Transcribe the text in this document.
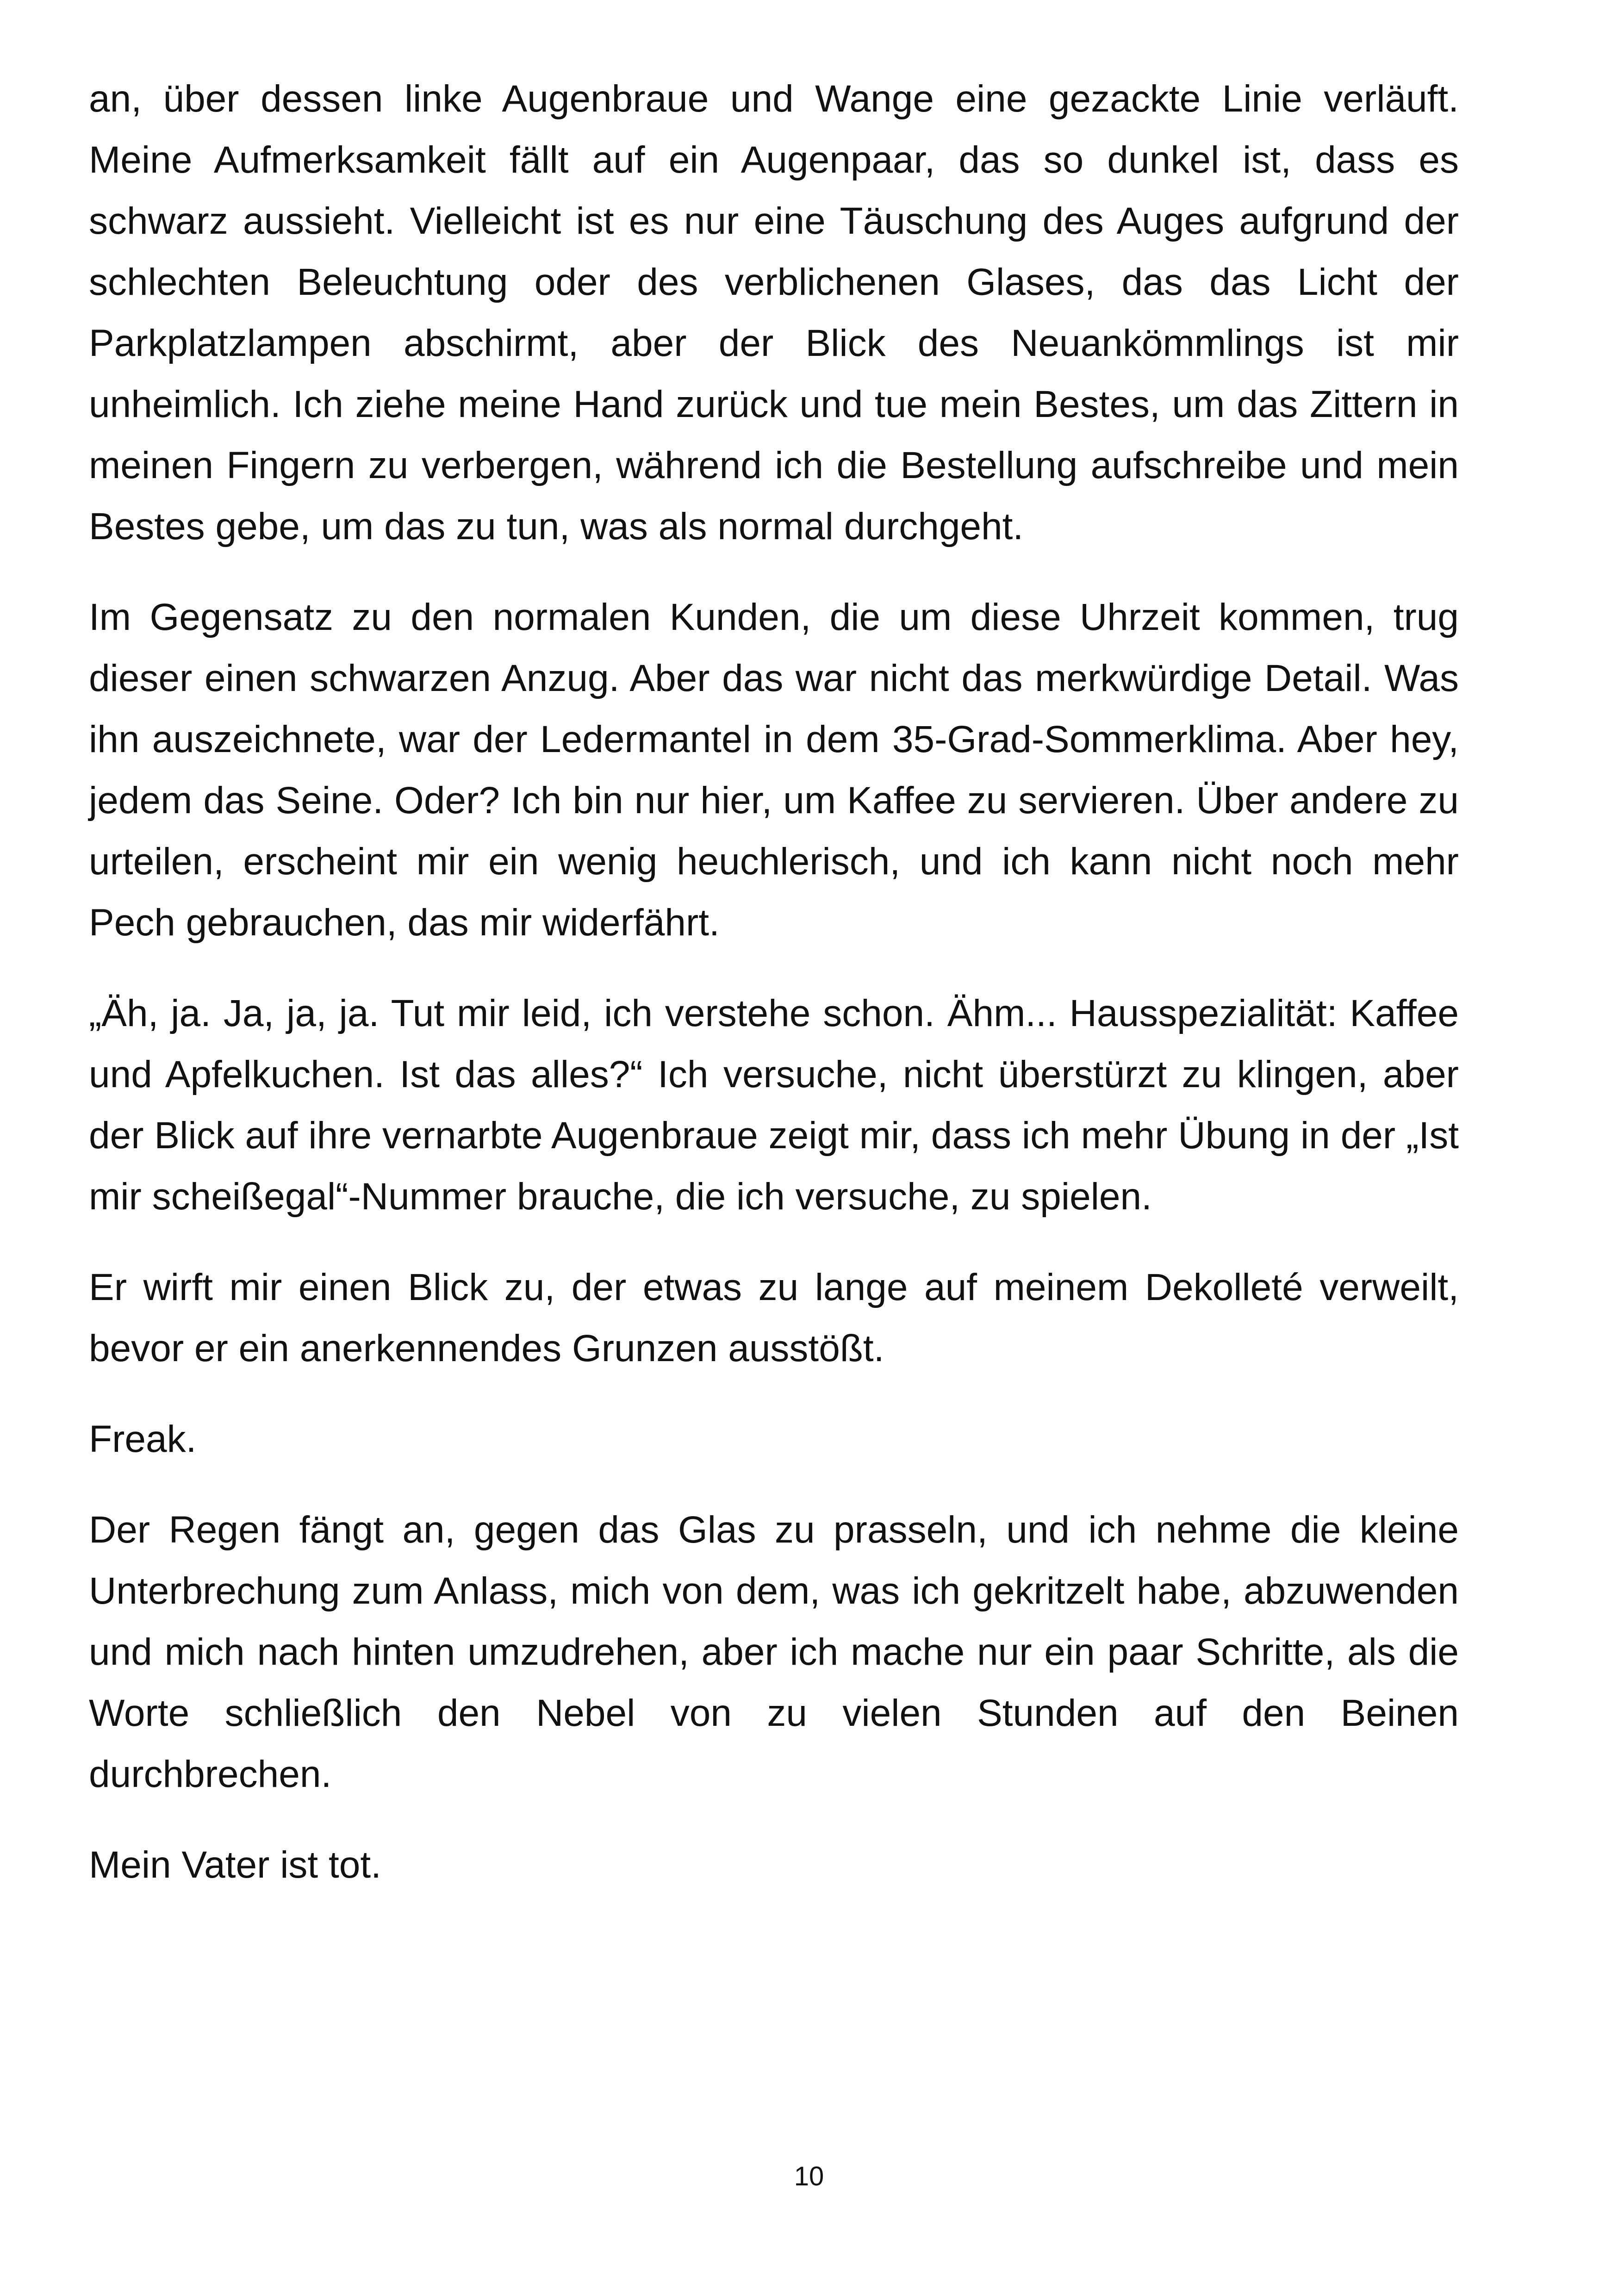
an, über dessen linke Augenbraue und Wange eine gezackte Linie verläuft. Meine Aufmerksamkeit fällt auf ein Augenpaar, das so dunkel ist, dass es schwarz aussieht. Vielleicht ist es nur eine Täuschung des Auges aufgrund der schlechten Beleuchtung oder des verblichenen Glases, das das Licht der Parkplatzlampen abschirmt, aber der Blick des Neuankömmlings ist mir unheimlich. Ich ziehe meine Hand zurück und tue mein Bestes, um das Zittern in meinen Fingern zu verbergen, während ich die Bestellung aufschreibe und mein Bestes gebe, um das zu tun, was als normal durchgeht.

Im Gegensatz zu den normalen Kunden, die um diese Uhrzeit kommen, trug dieser einen schwarzen Anzug. Aber das war nicht das merkwürdige Detail. Was ihn auszeichnete, war der Ledermantel in dem 35-Grad-Sommerklima. Aber hey, jedem das Seine. Oder? Ich bin nur hier, um Kaffee zu servieren. Über andere zu urteilen, erscheint mir ein wenig heuchlerisch, und ich kann nicht noch mehr Pech gebrauchen, das mir widerfährt.

„Äh, ja. Ja, ja, ja. Tut mir leid, ich verstehe schon. Ähm... Hausspezialität: Kaffee und Apfelkuchen. Ist das alles?“ Ich versuche, nicht überstürzt zu klingen, aber der Blick auf ihre vernarbte Augenbraue zeigt mir, dass ich mehr Übung in der „Ist mir scheißegal“-Nummer brauche, die ich versuche, zu spielen.

Er wirft mir einen Blick zu, der etwas zu lange auf meinem Dekolleté verweilt, bevor er ein anerkennendes Grunzen ausstößt.

Freak.

Der Regen fängt an, gegen das Glas zu prasseln, und ich nehme die kleine Unterbrechung zum Anlass, mich von dem, was ich gekritzelt habe, abzuwenden und mich nach hinten umzudrehen, aber ich mache nur ein paar Schritte, als die Worte schließlich den Nebel von zu vielen Stunden auf den Beinen durchbrechen.

Mein Vater ist tot.

10
